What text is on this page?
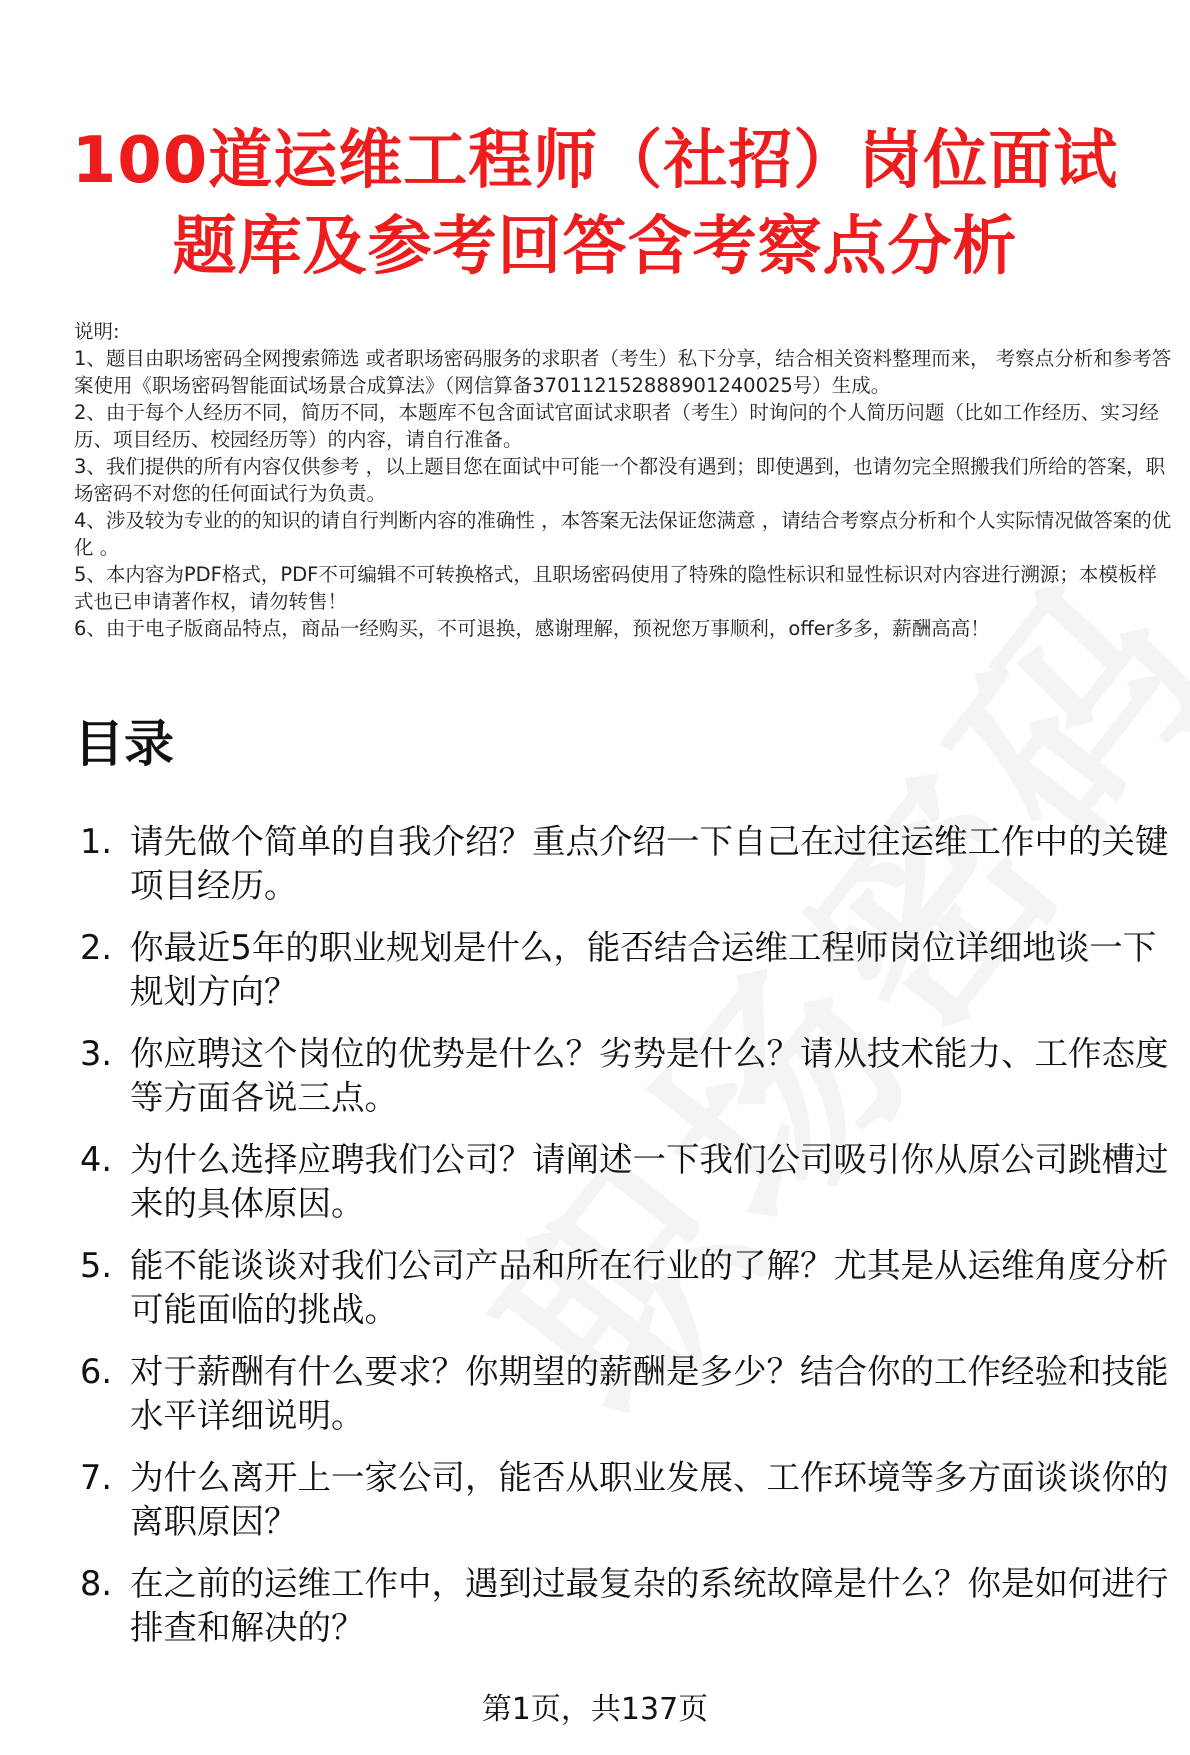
100道运维工程师（社招）岗位面试
题库及参考回答含考察点分析

说明:

1、题目由职场密码全网搜索筛选 或者职场密码服务的求职者（考生）私下分享，结合相关资料整理而来， 考察点分析和参考答案使用《职场密码智能面试场景合成算法》（网信算备370112152888901240025号）生成。

2、由于每个人经历不同，简历不同，本题库不包含面试官面试求职者（考生）时询问的个人简历问题（比如工作经历、实习经历、项目经历、校园经历等）的内容，请自行准备。

3、我们提供的所有内容仅供参考 ，以上题目您在面试中可能一个都没有遇到；即使遇到，也请勿完全照搬我们所给的答案，职场密码不对您的任何面试行为负责。

4、涉及较为专业的的知识的请自行判断内容的准确性 ，本答案无法保证您满意 ，请结合考察点分析和个人实际情况做答案的优化 。

5、本内容为PDF格式，PDF不可编辑不可转换格式，且职场密码使用了特殊的隐性标识和显性标识对内容进行溯源；本模板样式也已申请著作权，请勿转售！

6、由于电子版商品特点，商品一经购买，不可退换，感谢理解，预祝您万事顺利，offer多多，薪酬高高！

目录
1. 请先做个简单的自我介绍？重点介绍一下自己在过往运维工作中的关键项目经历。
2. 你最近5年的职业规划是什么，能否结合运维工程师岗位详细地谈一下规划方向？
3. 你应聘这个岗位的优势是什么？劣势是什么？请从技术能力、工作态度等方面各说三点。
4. 为什么选择应聘我们公司？请阐述一下我们公司吸引你从原公司跳槽过来的具体原因。
5. 能不能谈谈对我们公司产品和所在行业的了解？尤其是从运维角度分析可能面临的挑战。
6. 对于薪酬有什么要求？你期望的薪酬是多少？结合你的工作经验和技能水平详细说明。
7. 为什么离开上一家公司，能否从职业发展、工作环境等多方面谈谈你的离职原因？
8. 在之前的运维工作中，遇到过最复杂的系统故障是什么？你是如何进行排查和解决的？
第1页，共137页
